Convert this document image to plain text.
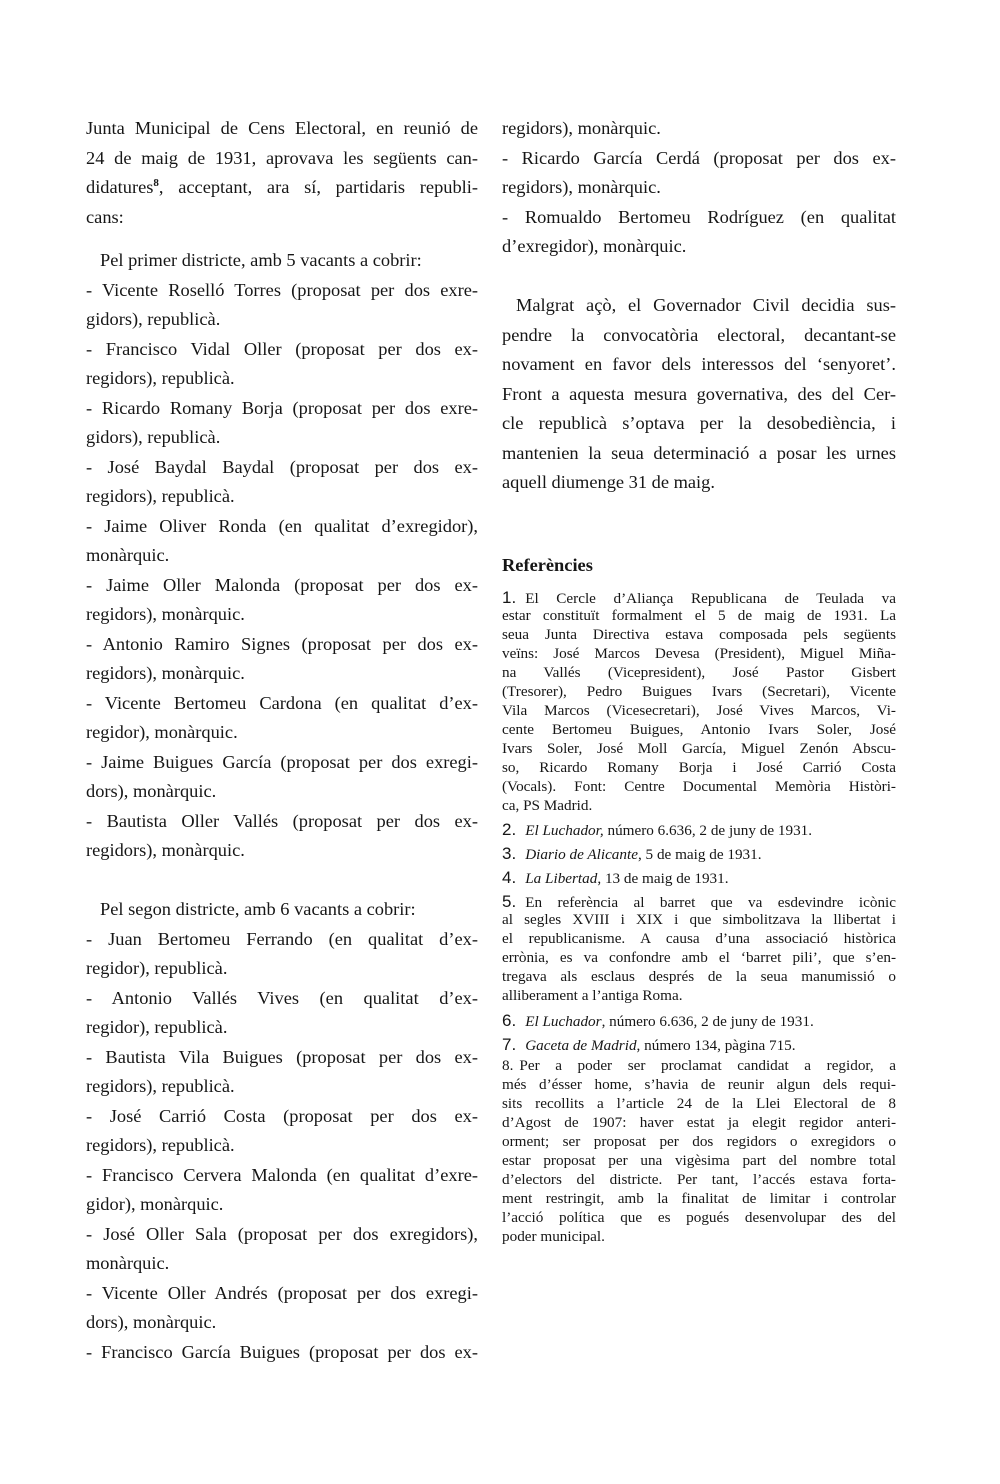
Junta Municipal de Cens Electoral, en reunió de
24 de maig de 1931, aprovava les següents can-
didatures$^8$, acceptant, ara sí, partidaris republi-
cans:
Pel primer districte, amb 5 vacants a cobrir:
- Vicente Roselló Torres (proposat per dos exre-
gidors), republicà.
- Francisco Vidal Oller (proposat per dos ex-
regidors), republicà.
- Ricardo Romany Borja (proposat per dos exre-
gidors), republicà.
- José Baydal Baydal (proposat per dos ex-
regidors), republicà.
- Jaime Oliver Ronda (en qualitat d’exregidor),
monàrquic.
- Jaime Oller Malonda (proposat per dos ex-
regidors), monàrquic.
- Antonio Ramiro Signes (proposat per dos ex-
regidors), monàrquic.
- Vicente Bertomeu Cardona (en qualitat d’ex-
regidor), monàrquic.
- Jaime Buigues García (proposat per dos exregi-
dors), monàrquic.
- Bautista Oller Vallés (proposat per dos ex-
regidors), monàrquic.
Pel segon districte, amb 6 vacants a cobrir:
- Juan Bertomeu Ferrando (en qualitat d’ex-
regidor), republicà.
- Antonio Vallés Vives (en qualitat d’ex-
regidor), republicà.
- Bautista Vila Buigues (proposat per dos ex-
regidors), republicà.
- José Carrió Costa (proposat per dos ex-
regidors), republicà.
- Francisco Cervera Malonda (en qualitat d’exre-
gidor), monàrquic.
- José Oller Sala (proposat per dos exregidors),
monàrquic.
- Vicente Oller Andrés (proposat per dos exregi-
dors), monàrquic.
- Francisco García Buigues (proposat per dos ex-
regidors), monàrquic.
- Ricardo García Cerdá (proposat per dos ex-
regidors), monàrquic.
- Romualdo Bertomeu Rodríguez (en qualitat
d’exregidor), monàrquic.
Malgrat açò, el Governador Civil decidia sus-
pendre la convocatòria electoral, decantant-se
novament en favor dels interessos del ‘senyoret’.
Front a aquesta mesura governativa, des del Cer-
cle republicà s’optava per la desobediència, i
mantenien la seua determinació a posar les urnes
aquell diumenge 31 de maig.
Referències
1. El Cercle d’Aliança Republicana de Teulada va
estar constituït formalment el 5 de maig de 1931. La
seua Junta Directiva estava composada pels següents
veïns: José Marcos Devesa (President), Miguel Miña-
na Vallés (Vicepresident), José Pastor Gisbert
(Tresorer), Pedro Buigues Ivars (Secretari), Vicente
Vila Marcos (Vicesecretari), José Vives Marcos, Vi-
cente Bertomeu Buigues, Antonio Ivars Soler, José
Ivars Soler, José Moll García, Miguel Zenón Abscu-
so, Ricardo Romany Borja i José Carrió Costa
(Vocals). Font: Centre Documental Memòria Històri-
ca, PS Madrid.
2. El Luchador, número 6.636, 2 de juny de 1931.
3. Diario de Alicante, 5 de maig de 1931.
4. La Libertad, 13 de maig de 1931.
5. En referència al barret que va esdevindre icònic
al segles XVIII i XIX i que simbolitzava la llibertat i
el republicanisme. A causa d’una associació històrica
errònia, es va confondre amb el ‘barret pili’, que s’en-
tregava als esclaus després de la seua manumissió o
alliberament a l’antiga Roma.
6. El Luchador, número 6.636, 2 de juny de 1931.
7. Gaceta de Madrid, número 134, pàgina 715.
8. Per a poder ser proclamat candidat a regidor, a
més d’ésser home, s’havia de reunir algun dels requi-
sits recollits a l’article 24 de la Llei Electoral de 8
d’Agost de 1907: haver estat ja elegit regidor anteri-
orment; ser proposat per dos regidors o exregidors o
estar proposat per una vigèsima part del nombre total
d’electors del districte. Per tant, l’accés estava forta-
ment restringit, amb la finalitat de limitar i controlar
l’acció política que es pogués desenvolupar des del
poder municipal.
